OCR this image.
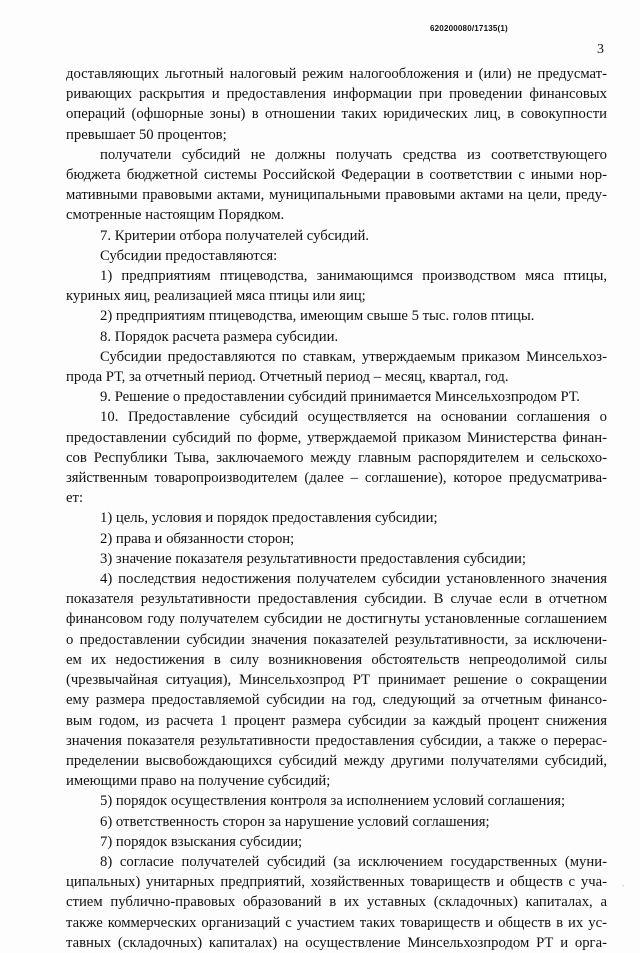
620200080/17135(1)
3
доставляющих льготный налоговый режим налогообложения и (или) не предусмат-
ривающих раскрытия и предоставления информации при проведении финансовых
операций (офшорные зоны) в отношении таких юридических лиц, в совокупности
превышает 50 процентов;
получатели субсидий не должны получать средства из соответствующего
бюджета бюджетной системы Российской Федерации в соответствии с иными нор-
мативными правовыми актами, муниципальными правовыми актами на цели, преду-
смотренные настоящим Порядком.
7. Критерии отбора получателей субсидий.
Субсидии предоставляются:
1) предприятиям птицеводства, занимающимся производством мяса птицы,
куриных яиц, реализацией мяса птицы или яиц;
2) предприятиям птицеводства, имеющим свыше 5 тыс. голов птицы.
8. Порядок расчета размера субсидии.
Субсидии предоставляются по ставкам, утверждаемым приказом Минсельхоз-
прода РТ, за отчетный период. Отчетный период – месяц, квартал, год.
9. Решение о предоставлении субсидий принимается Минсельхозпродом РТ.
10. Предоставление субсидий осуществляется на основании соглашения о
предоставлении субсидий по форме, утверждаемой приказом Министерства финан-
сов Республики Тыва, заключаемого между главным распорядителем и сельскохо-
зяйственным товаропроизводителем (далее – соглашение), которое предусматрива-
ет:
1) цель, условия и порядок предоставления субсидии;
2) права и обязанности сторон;
3) значение показателя результативности предоставления субсидии;
4) последствия недостижения получателем субсидии установленного значения
показателя результативности предоставления субсидии. В случае если в отчетном
финансовом году получателем субсидии не достигнуты установленные соглашением
о предоставлении субсидии значения показателей результативности, за исключени-
ем их недостижения в силу возникновения обстоятельств непреодолимой силы
(чрезвычайная ситуация), Минсельхозпрод РТ принимает решение о сокращении
ему размера предоставляемой субсидии на год, следующий за отчетным финансо-
вым годом, из расчета 1 процент размера субсидии за каждый процент снижения
значения показателя результативности предоставления субсидии, а также о перерас-
пределении высвобождающихся субсидий между другими получателями субсидий,
имеющими право на получение субсидий;
5) порядок осуществления контроля за исполнением условий соглашения;
6) ответственность сторон за нарушение условий соглашения;
7) порядок взыскания субсидии;
8) согласие получателей субсидий (за исключением государственных (муни-
ципальных) унитарных предприятий, хозяйственных товариществ и обществ с уча-
стием публично-правовых образований в их уставных (складочных) капиталах, а
также коммерческих организаций с участием таких товариществ и обществ в их ус-
тавных (складочных) капиталах) на осуществление Минсельхозпродом РТ и орга-
ˋ
